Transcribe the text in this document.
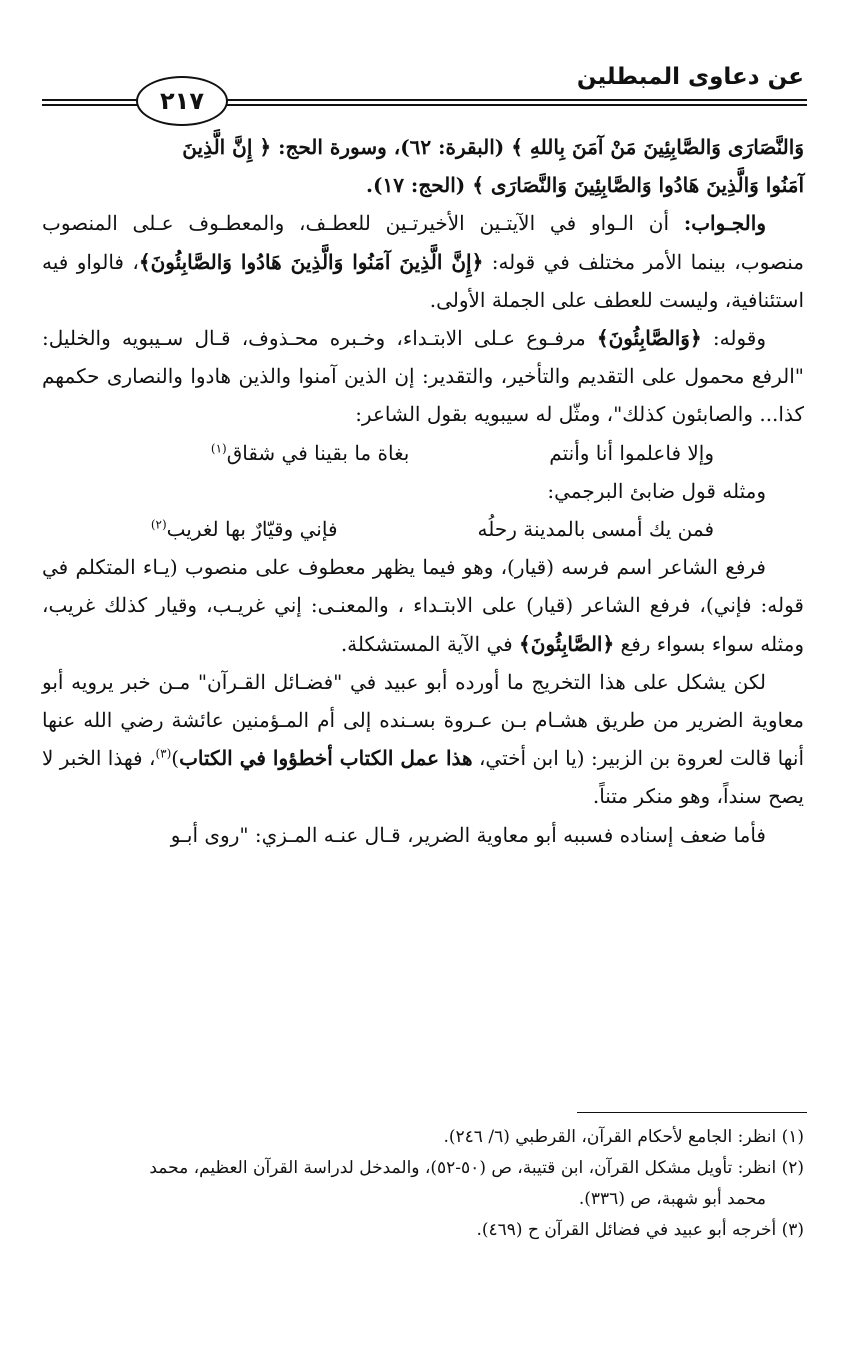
عن دعاوى المبطلين
٢١٧

وَالنَّصَارَى وَالصَّابِئِينَ مَنْ آمَنَ بِاللهِ ﴾ (البقرة: ٦٢)، وسورة الحج: ﴿ إِنَّ الَّذِينَ

آمَنُوا وَالَّذِينَ هَادُوا وَالصَّابِئِينَ وَالنَّصَارَى ﴾ (الحج: ١٧).

والجـواب: أن الـواو في الآيتـين الأخيرتـين للعطـف، والمعطـوف عـلى المنصوب منصوب، بينما الأمر مختلف في قوله: ﴿إِنَّ الَّذِينَ آمَنُوا وَالَّذِينَ هَادُوا وَالصَّابِئُونَ﴾، فالواو فيه استئنافية، وليست للعطف على الجملة الأولى.

وقوله: ﴿وَالصَّابِئُونَ﴾ مرفـوع عـلى الابتـداء، وخـبره محـذوف، قـال سـيبويه والخليل: "الرفع محمول على التقديم والتأخير، والتقدير: إن الذين آمنوا والذين هادوا والنصارى حكمهم كذا... والصابئون كذلك"، ومثّل له سيبويه بقول الشاعر:

وإلا فاعلموا أنا وأنتم
بغاة ما بقينا في شقاق$^{(١)}$

ومثله قول ضابئ البرجمي:

فمن يك أمسى بالمدينة رحلُه
فإني وقيّارٌ بها لغريب$^{(٢)}$

فرفع الشاعر اسم فرسه (قيار)، وهو فيما يظهر معطوف على منصوب (يـاء المتكلم في قوله: فإني)، فرفع الشاعر (قيار) على الابتـداء ، والمعنـى: إني غريـب، وقيار كذلك غريب، ومثله سواء بسواء رفع ﴿الصَّابِئُونَ﴾ في الآية المستشكلة.

لكن يشكل على هذا التخريج ما أورده أبو عبيد في "فضـائل القـرآن" مـن خبر يرويه أبو معاوية الضرير من طريق هشـام بـن عـروة بسـنده إلى أم المـؤمنين عائشة رضي الله عنها أنها قالت لعروة بن الزبير: (يا ابن أختي، هذا عمل الكتاب أخطؤوا في الكتاب)$^{(٣)}$، فهذا الخبر لا يصح سنداً، وهو منكر متناً.

فأما ضعف إسناده فسببه أبو معاوية الضرير، قـال عنـه المـزي: "روى أبـو

(١) انظر: الجامع لأحكام القرآن، القرطبي (٦/ ٢٤٦).

(٢) انظر: تأويل مشكل القرآن، ابن قتيبة، ص (٥٠-٥٢)، والمدخل لدراسة القرآن العظيم، محمد

محمد أبو شهبة، ص (٣٣٦).

(٣) أخرجه أبو عبيد في فضائل القرآن ح (٤٦٩).
